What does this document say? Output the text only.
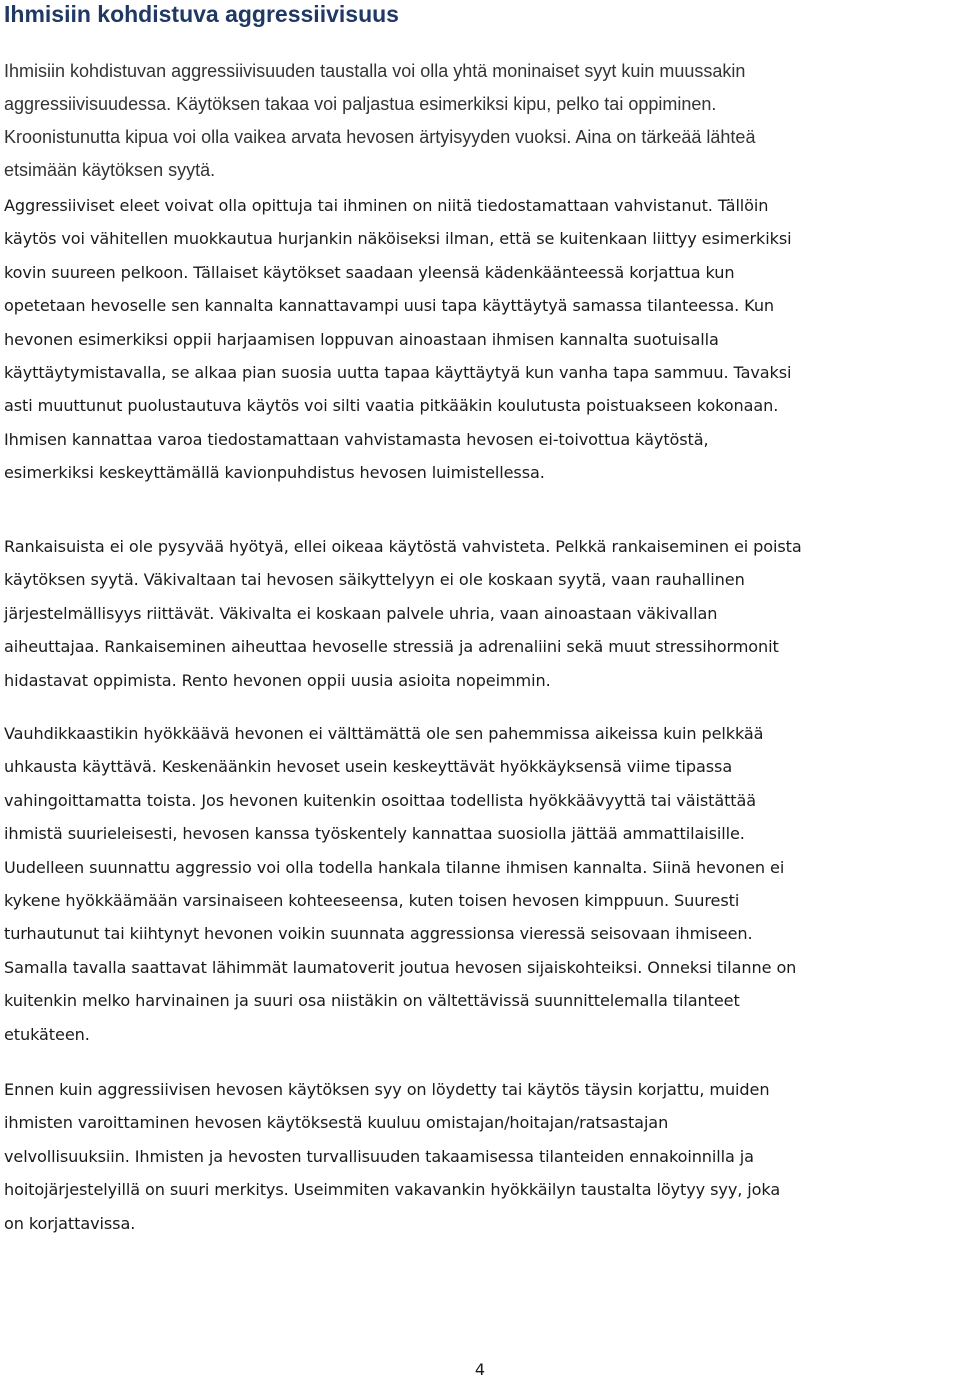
Ihmisiin kohdistuva aggressiivisuus

Ihmisiin kohdistuvan aggressiivisuuden taustalla voi olla yhtä moninaiset syyt kuin muussakin
aggressiivisuudessa. Käytöksen takaa voi paljastua esimerkiksi kipu, pelko tai oppiminen.
Kroonistunutta kipua voi olla vaikea arvata hevosen ärtyisyyden vuoksi. Aina on tärkeää lähteä
etsimään käytöksen syytä.

Aggressiiviset eleet voivat olla opittuja tai ihminen on niitä tiedostamattaan vahvistanut. Tällöin
käytös voi vähitellen muokkautua hurjankin näköiseksi ilman, että se kuitenkaan liittyy esimerkiksi
kovin suureen pelkoon. Tällaiset käytökset saadaan yleensä kädenkäänteessä korjattua kun
opetetaan hevoselle sen kannalta kannattavampi uusi tapa käyttäytyä samassa tilanteessa. Kun
hevonen esimerkiksi oppii harjaamisen loppuvan ainoastaan ihmisen kannalta suotuisalla
käyttäytymistavalla, se alkaa pian suosia uutta tapaa käyttäytyä kun vanha tapa sammuu. Tavaksi
asti muuttunut puolustautuva käytös voi silti vaatia pitkääkin koulutusta poistuakseen kokonaan.
Ihmisen kannattaa varoa tiedostamattaan vahvistamasta hevosen ei-toivottua käytöstä,
esimerkiksi keskeyttämällä kavionpuhdistus hevosen luimistellessa.

Rankaisuista ei ole pysyvää hyötyä, ellei oikeaa käytöstä vahvisteta. Pelkkä rankaiseminen ei poista
käytöksen syytä. Väkivaltaan tai hevosen säikyttelyyn ei ole koskaan syytä, vaan rauhallinen
järjestelmällisyys riittävät. Väkivalta ei koskaan palvele uhria, vaan ainoastaan väkivallan
aiheuttajaa. Rankaiseminen aiheuttaa hevoselle stressiä ja adrenaliini sekä muut stressihormonit
hidastavat oppimista. Rento hevonen oppii uusia asioita nopeimmin.

Vauhdikkaastikin hyökkäävä hevonen ei välttämättä ole sen pahemmissa aikeissa kuin pelkkää
uhkausta käyttävä. Keskenäänkin hevoset usein keskeyttävät hyökkäyksensä viime tipassa
vahingoittamatta toista. Jos hevonen kuitenkin osoittaa todellista hyökkäävyyttä tai väistättää
ihmistä suurieleisesti, hevosen kanssa työskentely kannattaa suosiolla jättää ammattilaisille.
Uudelleen suunnattu aggressio voi olla todella hankala tilanne ihmisen kannalta. Siinä hevonen ei
kykene hyökkäämään varsinaiseen kohteeseensa, kuten toisen hevosen kimppuun. Suuresti
turhautunut tai kiihtynyt hevonen voikin suunnata aggressionsa vieressä seisovaan ihmiseen.
Samalla tavalla saattavat lähimmät laumatoverit joutua hevosen sijaiskohteiksi. Onneksi tilanne on
kuitenkin melko harvinainen ja suuri osa niistäkin on vältettävissä suunnittelemalla tilanteet
etukäteen.

Ennen kuin aggressiivisen hevosen käytöksen syy on löydetty tai käytös täysin korjattu, muiden
ihmisten varoittaminen hevosen käytöksestä kuuluu omistajan/hoitajan/ratsastajan
velvollisuuksiin. Ihmisten ja hevosten turvallisuuden takaamisessa tilanteiden ennakoinnilla ja
hoitojärjestelyillä on suuri merkitys. Useimmiten vakavankin hyökkäilyn taustalta löytyy syy, joka
on korjattavissa.

4
